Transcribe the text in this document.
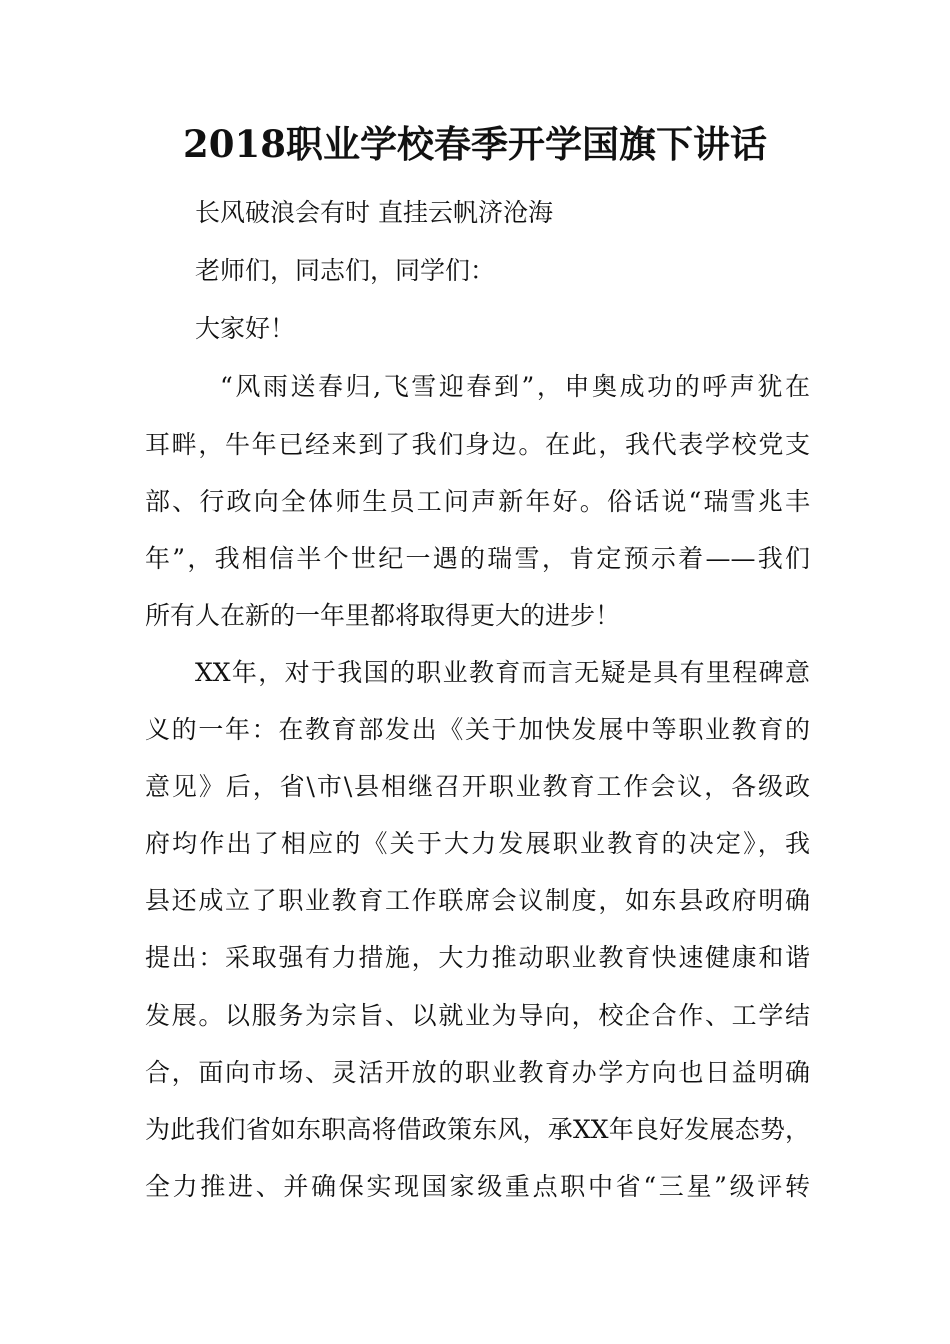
2018职业学校春季开学国旗下讲话

长风破浪会有时 直挂云帆济沧海

老师们，同志们，同学们：

大家好！

“风雨送春归,飞雪迎春到”，申奥成功的呼声犹在

耳畔，牛年已经来到了我们身边。在此，我代表学校党支

部、行政向全体师生员工问声新年好。俗话说“瑞雪兆丰

年”，我相信半个世纪一遇的瑞雪，肯定预示着——我们

所有人在新的一年里都将取得更大的进步！

XX年，对于我国的职业教育而言无疑是具有里程碑意

义的一年：在教育部发出《关于加快发展中等职业教育的

意见》后，省\市\县相继召开职业教育工作会议，各级政

府均作出了相应的《关于大力发展职业教育的决定》，我

县还成立了职业教育工作联席会议制度，如东县政府明确

提出：采取强有力措施，大力推动职业教育快速健康和谐

发展。以服务为宗旨、以就业为导向，校企合作、工学结

合，面向市场、灵活开放的职业教育办学方向也日益明确

为此我们省如东职高将借政策东风，承XX年良好发展态势，

全力推进、并确保实现国家级重点职中省“三星”级评转
